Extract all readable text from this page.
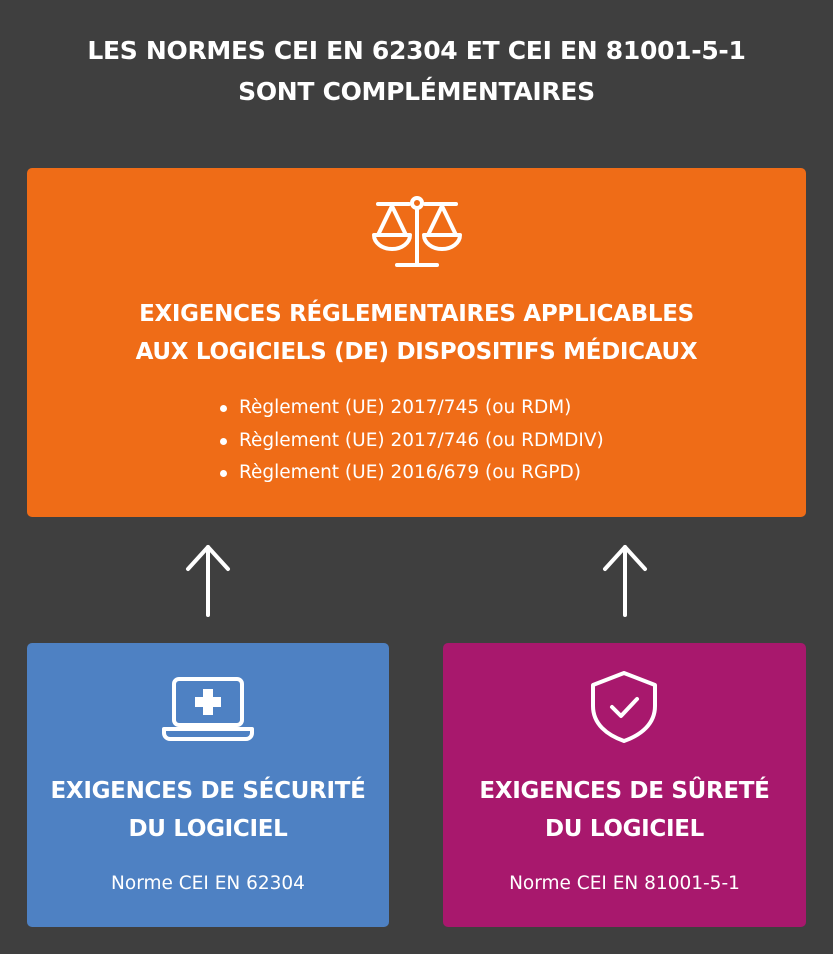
LES NORMES CEI EN 62304 ET CEI EN 81001-5-1
SONT COMPLÉMENTAIRES
EXIGENCES RÉGLEMENTAIRES APPLICABLES
AUX LOGICIELS (DE) DISPOSITIFS MÉDICAUX
Règlement (UE) 2017/745 (ou RDM)
Règlement (UE) 2017/746 (ou RDMDIV)
Règlement (UE) 2016/679 (ou RGPD)
EXIGENCES DE SÉCURITÉ
DU LOGICIEL
Norme CEI EN 62304
EXIGENCES DE SÛRETÉ
DU LOGICIEL
Norme CEI EN 81001-5-1
